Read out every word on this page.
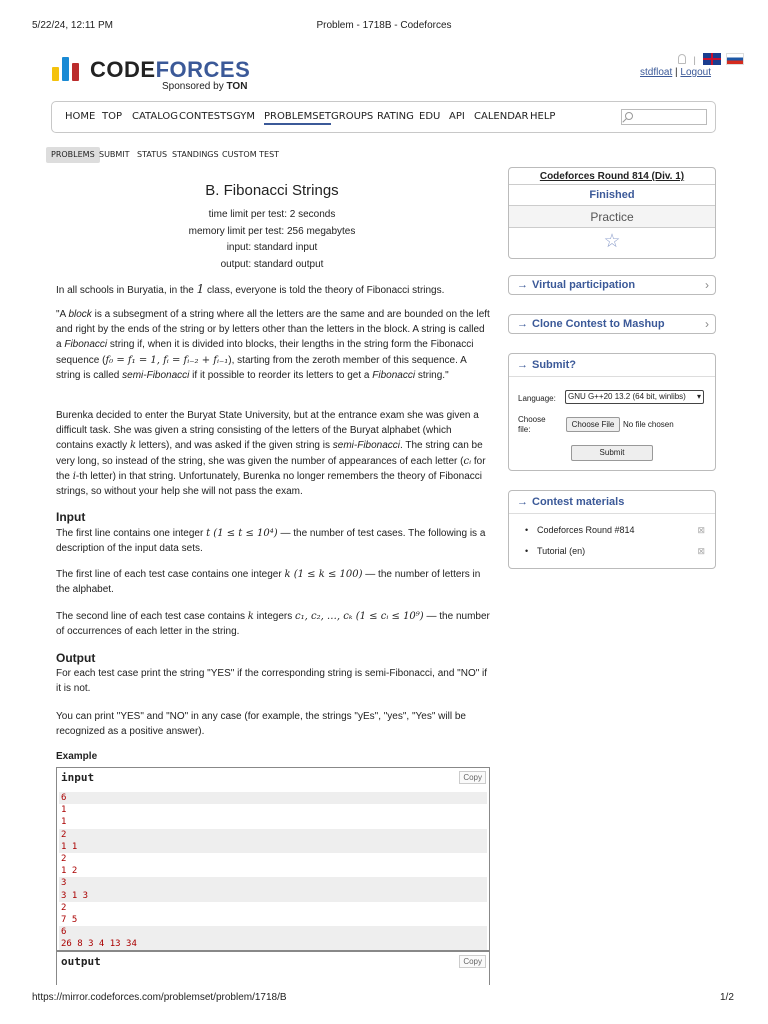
5/22/24, 12:11 PM	Problem - 1718B - Codeforces
CODEFORCES
Sponsored by TON
|

stdfloat | Logout
HOME TOP CATALOG CONTESTS GYM PROBLEMSET GROUPS RATING EDU API CALENDAR HELP
PROBLEMS SUBMIT STATUS STANDINGS CUSTOM TEST
B. Fibonacci Strings
time limit per test: 2 seconds
memory limit per test: 256 megabytes
input: standard input
output: standard output
In all schools in Buryatia, in the 1 class, everyone is told the theory of Fibonacci strings.
"A block is a subsegment of a string where all the letters are the same and are bounded on the left and right by the ends of the string or by letters other than the letters in the block. A string is called a Fibonacci string if, when it is divided into blocks, their lengths in the string form the Fibonacci sequence (f₀ = f₁ = 1, fᵢ = fᵢ₋₂ + fᵢ₋₁), starting from the zeroth member of this sequence. A string is called semi-Fibonacci if it possible to reorder its letters to get a Fibonacci string."
Burenka decided to enter the Buryat State University, but at the entrance exam she was given a difficult task. She was given a string consisting of the letters of the Buryat alphabet (which contains exactly k letters), and was asked if the given string is semi-Fibonacci. The string can be very long, so instead of the string, she was given the number of appearances of each letter (cᵢ for the i-th letter) in that string. Unfortunately, Burenka no longer remembers the theory of Fibonacci strings, so without your help she will not pass the exam.
Input
The first line contains one integer t (1 ≤ t ≤ 10⁴) — the number of test cases. The following is a description of the input data sets.
The first line of each test case contains one integer k (1 ≤ k ≤ 100) — the number of letters in the alphabet.
The second line of each test case contains k integers c₁, c₂, …, cₖ (1 ≤ cᵢ ≤ 10⁹) — the number of occurrences of each letter in the string.
Output
For each test case print the string "YES" if the corresponding string is semi-Fibonacci, and "NO" if it is not.
You can print "YES" and "NO" in any case (for example, the strings "yEs", "yes", "Yes" will be recognized as a positive answer).
Example
input	Copy
6
1
1
2
1 1
2
1 2
3
3 1 3
2
7 5
6
26 8 3 4 13 34
output	Copy
Codeforces Round 814 (Div. 1)
Finished
Practice
☆
→ Virtual participation	›
→ Clone Contest to Mashup	›
→ Submit?
Language:	GNU G++20 13.2 (64 bit, winlibs) ▾
Choose file:
Choose File	No file chosen
Submit
→ Contest materials
• Codeforces Round #814
• Tutorial (en)
⊠
⊠
https://mirror.codeforces.com/problemset/problem/1718/B	1/2
